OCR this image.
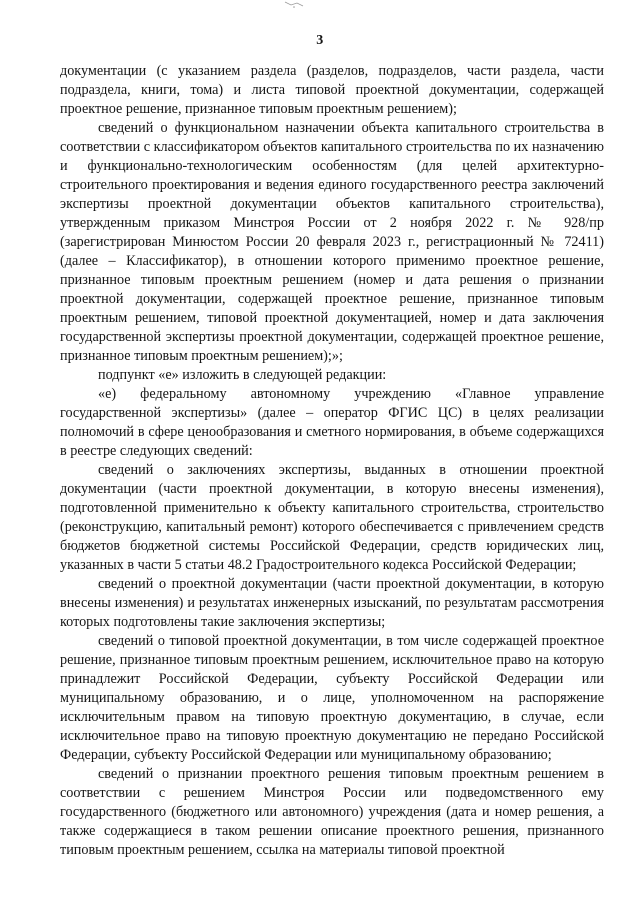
3

документации (с указанием раздела (разделов, подразделов, части раздела, части подраздела, книги, тома) и листа типовой проектной документации, содержащей проектное решение, признанное типовым проектным решением);

сведений о функциональном назначении объекта капитального строительства в соответствии с классификатором объектов капитального строительства по их назначению и функционально-технологическим особенностям (для целей архитектурно-строительного проектирования и ведения единого государственного реестра заключений экспертизы проектной документации объектов капитального строительства), утвержденным приказом Минстроя России от 2 ноября 2022 г. № 928/пр (зарегистрирован Минюстом России 20 февраля 2023 г., регистрационный № 72411) (далее – Классификатор), в отношении которого применимо проектное решение, признанное типовым проектным решением (номер и дата решения о признании проектной документации, содержащей проектное решение, признанное типовым проектным решением, типовой проектной документацией, номер и дата заключения государственной экспертизы проектной документации, содержащей проектное решение, признанное типовым проектным решением);»;

подпункт «е» изложить в следующей редакции:

«е) федеральному автономному учреждению «Главное управление государственной экспертизы» (далее – оператор ФГИС ЦС) в целях реализации полномочий в сфере ценообразования и сметного нормирования, в объеме содержащихся в реестре следующих сведений:

сведений о заключениях экспертизы, выданных в отношении проектной документации (части проектной документации, в которую внесены изменения), подготовленной применительно к объекту капитального строительства, строительство (реконструкцию, капитальный ремонт) которого обеспечивается с привлечением средств бюджетов бюджетной системы Российской Федерации, средств юридических лиц, указанных в части 5 статьи 48.2 Градостроительного кодекса Российской Федерации;

сведений о проектной документации (части проектной документации, в которую внесены изменения) и результатах инженерных изысканий, по результатам рассмотрения которых подготовлены такие заключения экспертизы;

сведений о типовой проектной документации, в том числе содержащей проектное решение, признанное типовым проектным решением, исключительное право на которую принадлежит Российской Федерации, субъекту Российской Федерации или муниципальному образованию, и о лице, уполномоченном на распоряжение исключительным правом на типовую проектную документацию, в случае, если исключительное право на типовую проектную документацию не передано Российской Федерации, субъекту Российской Федерации или муниципальному образованию;

сведений о признании проектного решения типовым проектным решением в соответствии с решением Минстроя России или подведомственного ему государственного (бюджетного или автономного) учреждения (дата и номер решения, а также содержащиеся в таком решении описание проектного решения, признанного типовым проектным решением, ссылка на материалы типовой проектной
